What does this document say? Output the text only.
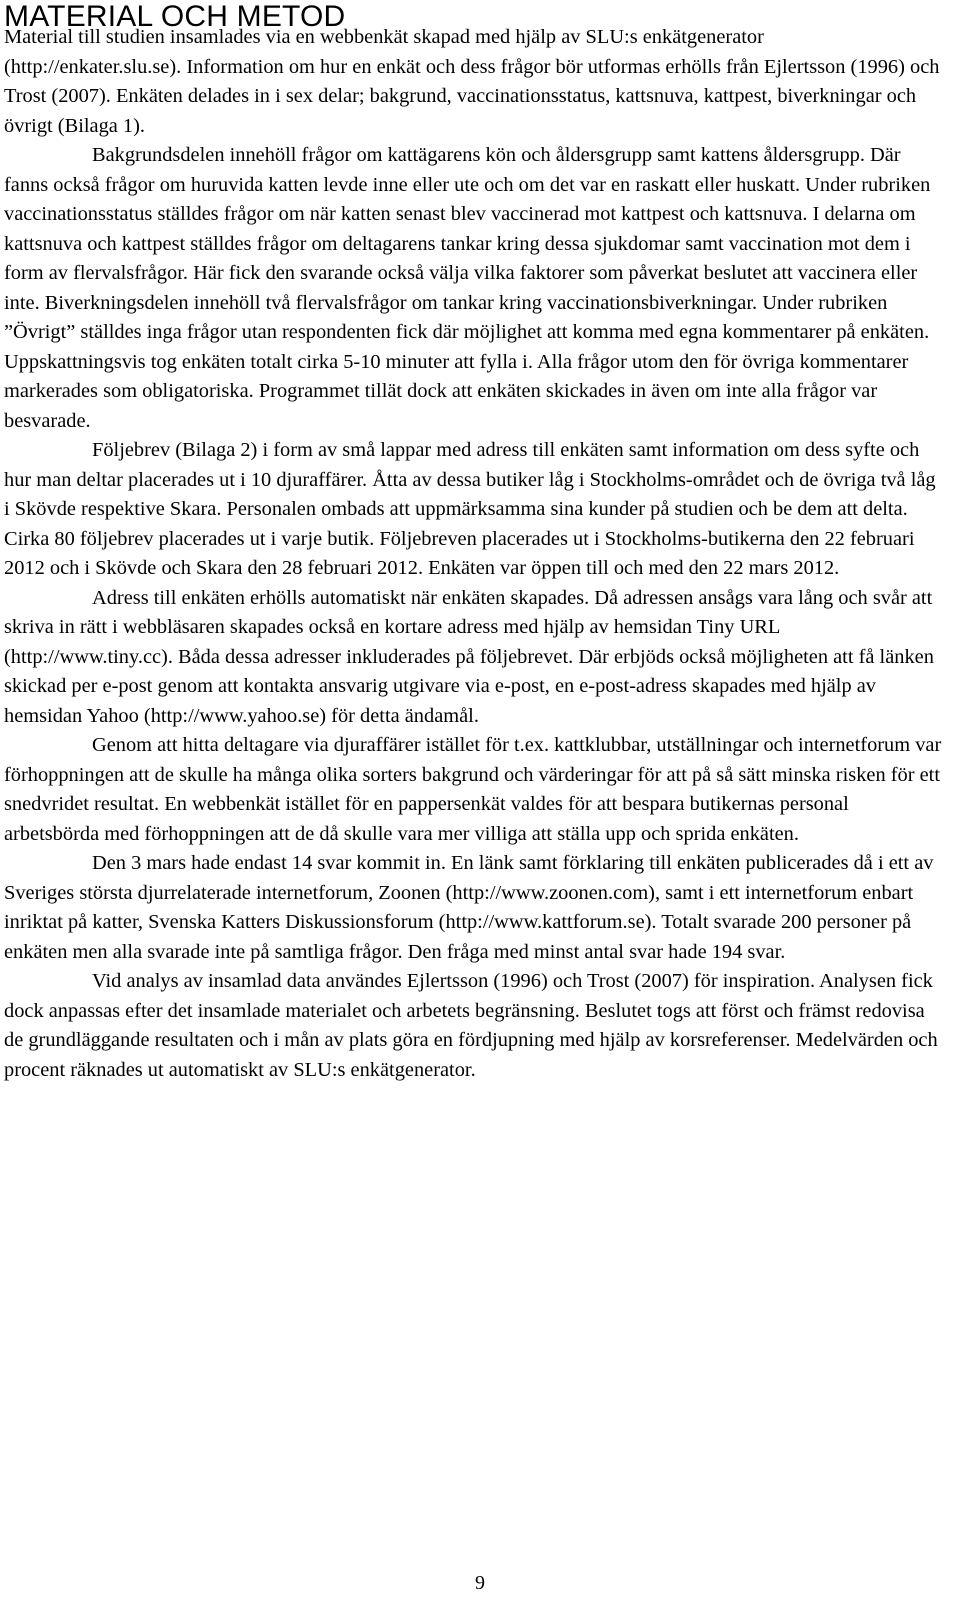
MATERIAL OCH METOD

Material till studien insamlades via en webbenkät skapad med hjälp av SLU:s enkätgenerator (http://enkater.slu.se). Information om hur en enkät och dess frågor bör utformas erhölls från Ejlertsson (1996) och Trost (2007). Enkäten delades in i sex delar; bakgrund, vaccinationsstatus, kattsnuva, kattpest, biverkningar och övrigt (Bilaga 1).

Bakgrundsdelen innehöll frågor om kattägarens kön och åldersgrupp samt kattens åldersgrupp. Där fanns också frågor om huruvida katten levde inne eller ute och om det var en raskatt eller huskatt. Under rubriken vaccinationsstatus ställdes frågor om när katten senast blev vaccinerad mot kattpest och kattsnuva. I delarna om kattsnuva och kattpest ställdes frågor om deltagarens tankar kring dessa sjukdomar samt vaccination mot dem i form av flervalsfrågor. Här fick den svarande också välja vilka faktorer som påverkat beslutet att vaccinera eller inte. Biverkningsdelen innehöll två flervalsfrågor om tankar kring vaccinationsbiverkningar. Under rubriken ”Övrigt” ställdes inga frågor utan respondenten fick där möjlighet att komma med egna kommentarer på enkäten. Uppskattningsvis tog enkäten totalt cirka 5-10 minuter att fylla i. Alla frågor utom den för övriga kommentarer markerades som obligatoriska. Programmet tillät dock att enkäten skickades in även om inte alla frågor var besvarade.

Följebrev (Bilaga 2) i form av små lappar med adress till enkäten samt information om dess syfte och hur man deltar placerades ut i 10 djuraffärer. Åtta av dessa butiker låg i Stockholms-området och de övriga två låg i Skövde respektive Skara. Personalen ombads att uppmärksamma sina kunder på studien och be dem att delta. Cirka 80 följebrev placerades ut i varje butik. Följebreven placerades ut i Stockholms-butikerna den 22 februari 2012 och i Skövde och Skara den 28 februari 2012. Enkäten var öppen till och med den 22 mars 2012.

Adress till enkäten erhölls automatiskt när enkäten skapades. Då adressen ansågs vara lång och svår att skriva in rätt i webbläsaren skapades också en kortare adress med hjälp av hemsidan Tiny URL (http://www.tiny.cc). Båda dessa adresser inkluderades på följebrevet. Där erbjöds också möjligheten att få länken skickad per e-post genom att kontakta ansvarig utgivare via e-post, en e-post-adress skapades med hjälp av hemsidan Yahoo (http://www.yahoo.se) för detta ändamål.

Genom att hitta deltagare via djuraffärer istället för t.ex. kattklubbar, utställningar och internetforum var förhoppningen att de skulle ha många olika sorters bakgrund och värderingar för att på så sätt minska risken för ett snedvridet resultat. En webbenkät istället för en pappersenkät valdes för att bespara butikernas personal arbetsbörda med förhoppningen att de då skulle vara mer villiga att ställa upp och sprida enkäten.

Den 3 mars hade endast 14 svar kommit in. En länk samt förklaring till enkäten publicerades då i ett av Sveriges största djurrelaterade internetforum, Zoonen (http://www.zoonen.com), samt i ett internetforum enbart inriktat på katter, Svenska Katters Diskussionsforum (http://www.kattforum.se). Totalt svarade 200 personer på enkäten men alla svarade inte på samtliga frågor. Den fråga med minst antal svar hade 194 svar.

Vid analys av insamlad data användes Ejlertsson (1996) och Trost (2007) för inspiration. Analysen fick dock anpassas efter det insamlade materialet och arbetets begränsning. Beslutet togs att först och främst redovisa de grundläggande resultaten och i mån av plats göra en fördjupning med hjälp av korsreferenser. Medelvärden och procent räknades ut automatiskt av SLU:s enkätgenerator.

9
